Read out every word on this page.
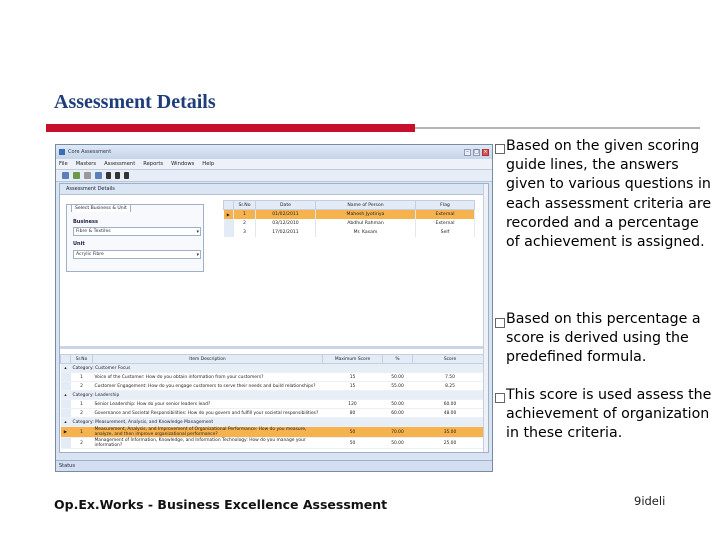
Assessment Details
Core Assessment	–	□ ×
File Masters Assessment Reports Windows Help
Assessment Details
Select Business & Unit
Business
Fibre & Textiles	▾
Unit
Acrylic Fibre	▾
	Sr.No	Date	Name of Person	Flag
▶	1	01/02/2011	Mahesh Jyotiriya	External
	2	03/12/2010	Abdhul Rahman	External
	3	17/02/2011	Mr. Kasam	Self
	Sr.No	Item Description	Maximum Score	%	Score
▴	Category: Customer Focus				
	1	Voice of the Customer: How do you obtain information from your customers?	15	50.00	7.50
	2	Customer Engagement: How do you engage customers to serve their needs and build relationships?	15	55.00	8.25
▴	Category: Leadership				
	1	Senior Leadership: How do your senior leaders lead?	120	50.00	60.00
	2	Governance and Societal Responsibilities: How do you govern and fulfill your societal responsibilities?	80	60.00	48.00
▴	Category: Measurement, Analysis, and Knowledge Management				
▶	1	Measurement, Analysis, and Improvement of Organizational Performance: How do you measure, analyze, and then improve organizational performance?	50	70.00	35.00
	2	Management of Information, Knowledge, and Information Technology: How do you manage your information?	50	50.00	25.00
Status
Based on the given scoring guide lines, the answers given to various questions in each assessment criteria are recorded and a percentage of achievement is assigned.
Based on this percentage a score is derived using the predefined formula.
This score is used assess the achievement of organization in these criteria.
Op.Ex.Works - Business Excellence Assessment	9ideli
